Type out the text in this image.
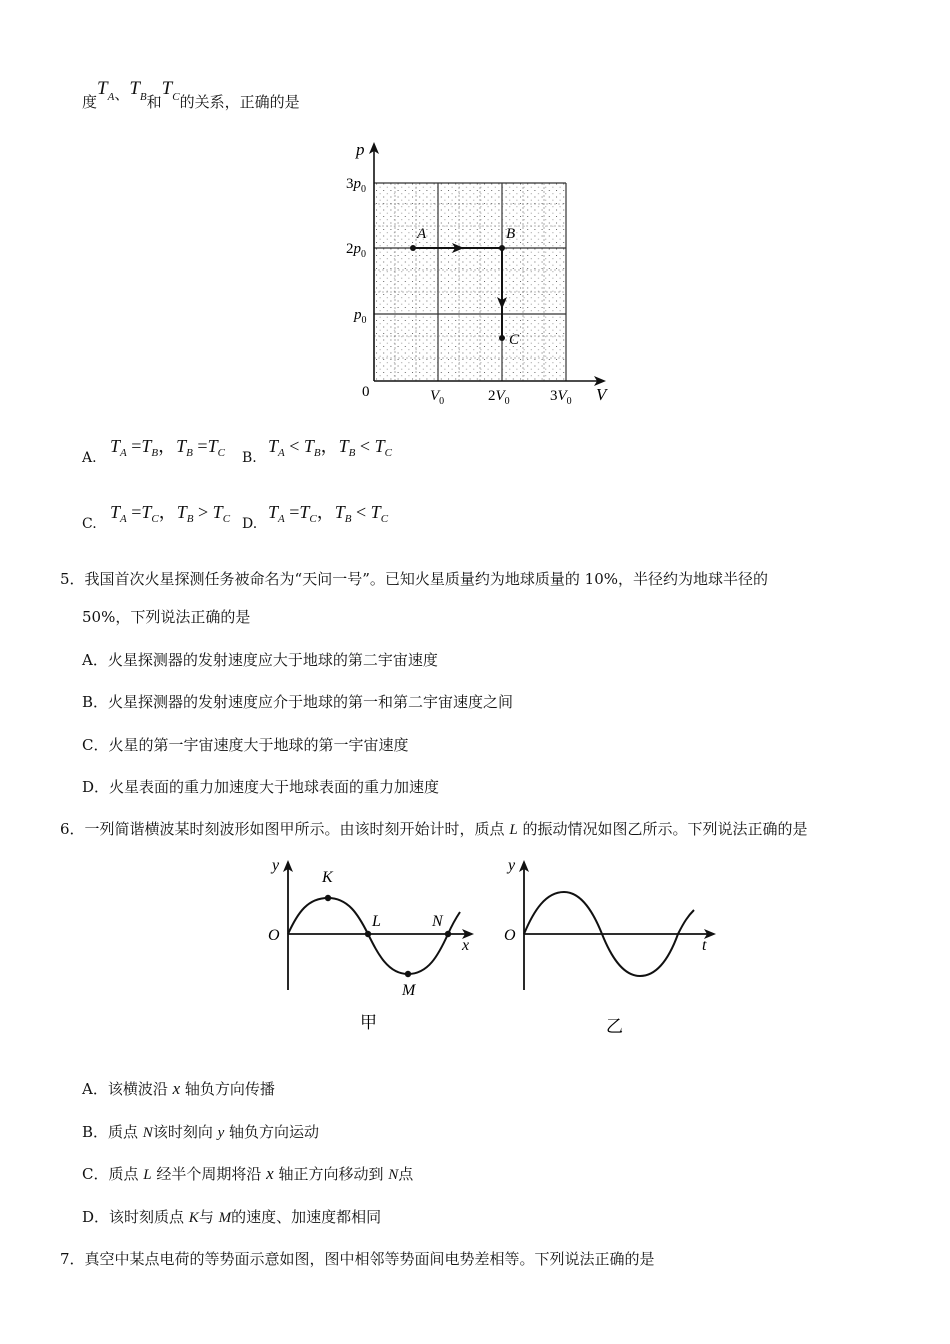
度$T^A$、$T^B$和$T^C$的关系，正确的是
p
V
0
$3p_0$
$2p_0$
$p_0$
$V_0$	$2V_0$	$3V_0$
A	B
C
A.
$T_A =T_B$，$T_B =T_C$ B.
$T_A < T_B$，$T_B < T_C$
C.
$T_A =T_C$，$T_B > T_C$ D.
$T_A =T_C$，$T_B < T_C$
5．我国首次火星探测任务被命名为“天问一号”。已知火星质量约为地球质量的 10%，半径约为地球半径的
50%，下列说法正确的是
A．火星探测器的发射速度应大于地球的第二宇宙速度
B．火星探测器的发射速度应介于地球的第一和第二宇宙速度之间
C．火星的第一宇宙速度大于地球的第一宇宙速度
D．火星表面的重力加速度大于地球表面的重力加速度
6．一列简谐横波某时刻波形如图甲所示。由该时刻开始计时，质点 L 的振动情况如图乙所示。下列说法正确的是
y
O
x
K
L
M
N
甲
y
O
t
乙
A．该横波沿 x 轴负方向传播
B．质点 N该时刻向 y 轴负方向运动
C．质点 L 经半个周期将沿 x 轴正方向移动到 N点
D．该时刻质点 K与 M的速度、加速度都相同
7．真空中某点电荷的等势面示意如图，图中相邻等势面间电势差相等。下列说法正确的是
